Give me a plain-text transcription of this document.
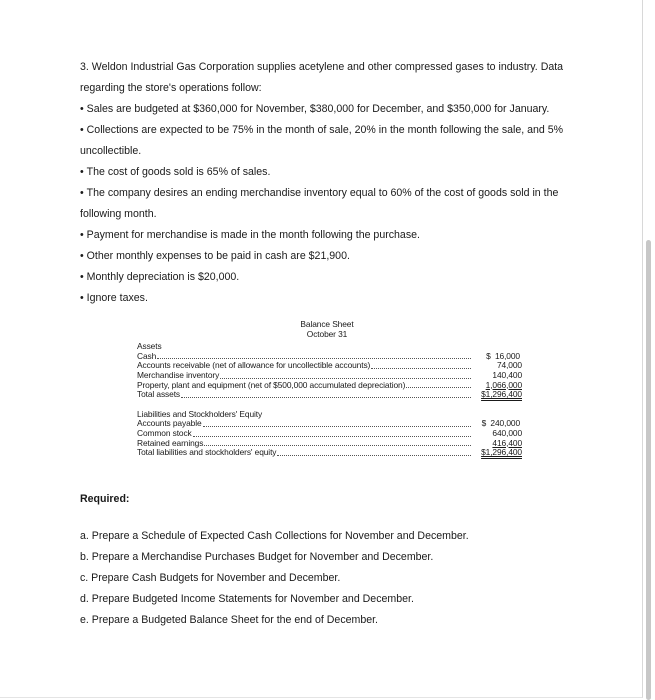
3. Weldon Industrial Gas Corporation supplies acetylene and other compressed gases to industry. Data

regarding the store's operations follow:

• Sales are budgeted at $360,000 for November, $380,000 for December, and $350,000 for January.

• Collections are expected to be 75% in the month of sale, 20% in the month following the sale, and 5%

uncollectible.

• The cost of goods sold is 65% of sales.

• The company desires an ending merchandise inventory equal to 60% of the cost of goods sold in the

following month.

• Payment for merchandise is made in the month following the purchase.

• Other monthly expenses to be paid in cash are $21,900.

• Monthly depreciation is $20,000.

• Ignore taxes.

Balance Sheet
October 31
Assets
Cash	$ 16,000
Accounts receivable (net of allowance for uncollectible accounts)	74,000
Merchandise inventory	140,400
Property, plant and equipment (net of $500,000 accumulated depreciation)	1,066,000
Total assets	$1,296,400
Liabilities and Stockholders' Equity
Accounts payable	$ 240,000
Common stock	640,000
Retained earnings	416,400
Total liabilities and stockholders' equity	$1,296,400
Required:

a. Prepare a Schedule of Expected Cash Collections for November and December.

b. Prepare a Merchandise Purchases Budget for November and December.

c. Prepare Cash Budgets for November and December.

d. Prepare Budgeted Income Statements for November and December.

e. Prepare a Budgeted Balance Sheet for the end of December.
